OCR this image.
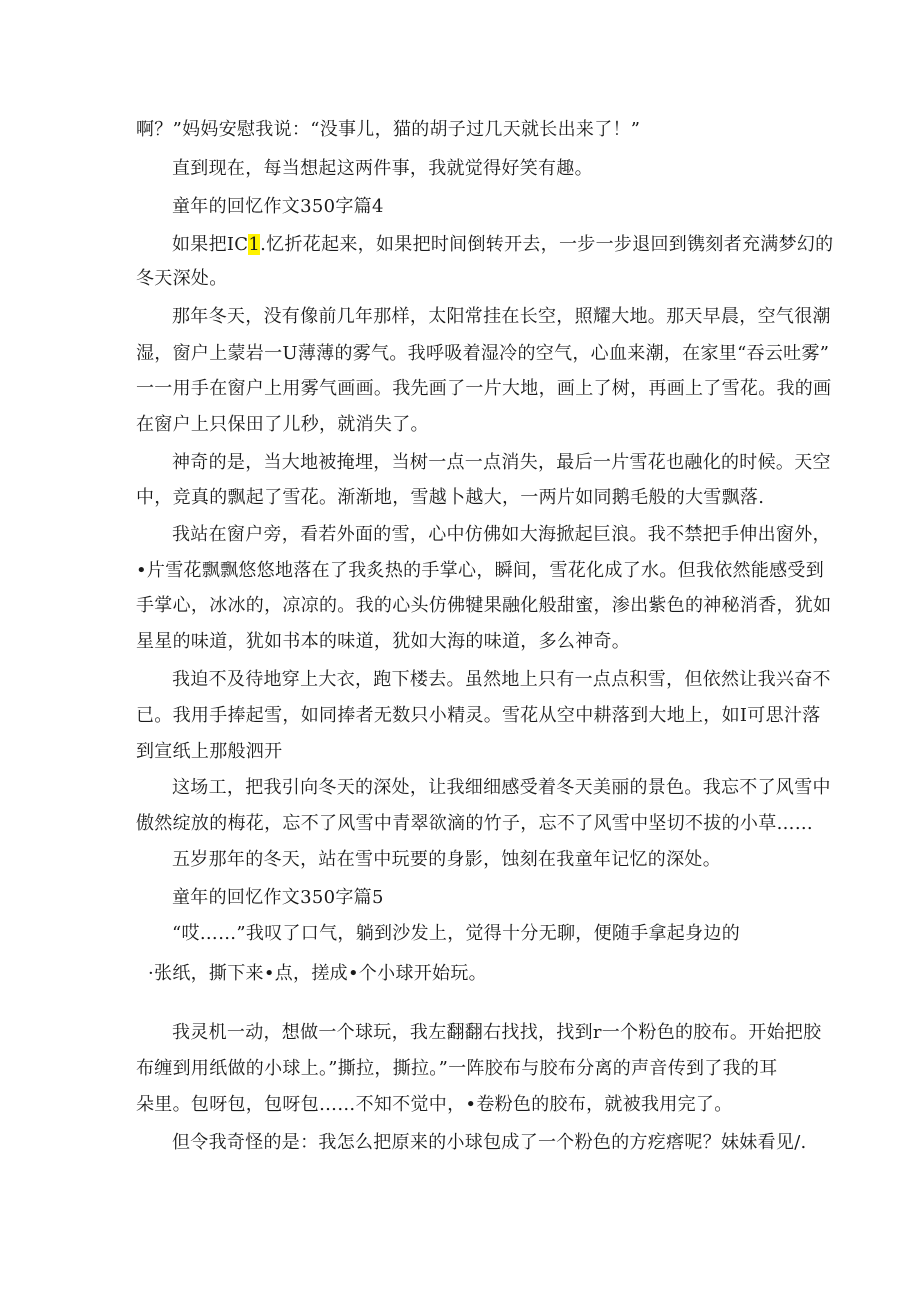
啊？”妈妈安慰我说：“没事儿，猫的胡子过几天就长出来了！”
直到现在，每当想起这两件事，我就觉得好笑有趣。
童年的回忆作文350字篇4
如果把IC1.忆折花起来，如果把时间倒转开去，一步一步退回到镌刻者充满梦幻的
冬天深处。
那年冬天，没有像前几年那样，太阳常挂在长空，照耀大地。那天早晨，空气很潮
湿，窗户上蒙岩一U薄薄的雾气。我呼吸着湿冷的空气，心血来潮，在家里“吞云吐雾”
一一用手在窗户上用雾气画画。我先画了一片大地，画上了树，再画上了雪花。我的画
在窗户上只保田了儿秒，就消失了。
神奇的是，当大地被掩埋，当树一点一点消失，最后一片雪花也融化的时候。天空
中，竞真的飘起了雪花。渐渐地，雪越卜越大，一两片如同鹅毛般的大雪飘落.
我站在窗户旁，看若外面的雪，心中仿佛如大海掀起巨浪。我不禁把手伸出窗外，
•片雪花飘飘悠悠地落在了我炙热的手掌心，瞬间，雪花化成了水。但我依然能感受到
手掌心，冰冰的，凉凉的。我的心头仿佛犍果融化般甜蜜，渗出紫色的神秘消香，犹如
星星的味道，犹如书本的味道，犹如大海的味道，多么神奇。
我迫不及待地穿上大衣，跑下楼去。虽然地上只有一点点积雪，但依然让我兴奋不
已。我用手捧起雪，如同捧者无数只小精灵。雪花从空中耕落到大地上，如I可思汁落
到宣纸上那般泗开
这场工，把我引向冬天的深处，让我细细感受着冬天美丽的景色。我忘不了风雪中
傲然绽放的梅花，忘不了风雪中青翠欲滴的竹子，忘不了风雪中坚切不拔的小草……
五岁那年的冬天，站在雪中玩要的身影，蚀刻在我童年记忆的深处。
童年的回忆作文350字篇5
“哎……”我叹了口气，躺到沙发上，觉得十分无聊，便随手拿起身边的
·张纸，撕下来•点，搓成•个小球开始玩。
我灵机一动，想做一个球玩，我左翻翻右找找，找到r一个粉色的胶布。开始把胶
布缠到用纸做的小球上。”撕拉，撕拉。”一阵胶布与胶布分离的声音传到了我的耳
朵里。包呀包，包呀包……不知不觉中，•卷粉色的胶布，就被我用完了。
但令我奇怪的是：我怎么把原来的小球包成了一个粉色的方疙瘩呢？妹妹看见/.
